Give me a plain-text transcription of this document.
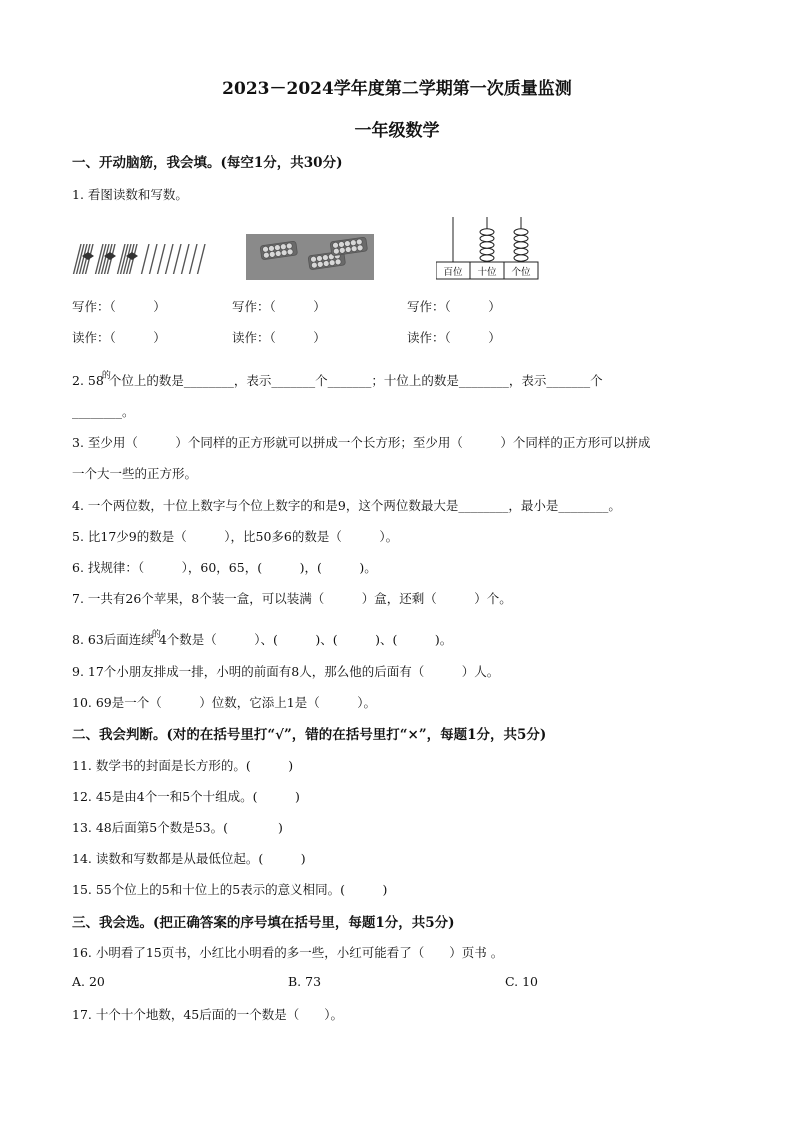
2023－2024学年度第二学期第一次质量监测
一年级数学
一、开动脑筋，我会填。(每空1分，共30分)
1. 看图读数和写数。
百位 十位 个位
写作：（　　　）	写作：（　　　）	写作：（　　　）
读作：（　　　）	读作：（　　　）	读作：（　　　）
2. $58^的$个位上的数是________，表示_______个_______；十位上的数是________，表示_______个
________。
3. 至少用（　　　）个同样的正方形就可以拼成一个长方形；至少用（　　　）个同样的正方形可以拼成
一个大一些的正方形。
4. 一个两位数，十位上数字与个位上数字的和是9，这个两位数最大是________，最小是________。
5. 比17少9的数是（　　　），比50多6的数是（　　　）。
6. 找规律：（　　　），60，65，(　　　)，(　　　)。
7. 一共有26个苹果，8个装一盒，可以装满（　　　）盒，还剩（　　　）个。
8. 63后面连续$^的$4个数是（　　　）、(　　　)、(　　　)、(　　　)。
9. 17个小朋友排成一排，小明的前面有8人，那么他的后面有（　　　）人。
10. 69是一个（　　　）位数，它添上1是（　　　）。
二、我会判断。(对的在括号里打“√”，错的在括号里打“×”，每题1分，共5分)
11. 数学书的封面是长方形的。(　　　)
12. 45是由4个一和5个十组成。(　　　)
13. 48后面第5个数是53。(　　　　)
14. 读数和写数都是从最低位起。(　　　)
15. 55个位上的5和十位上的5表示的意义相同。(　　　)
三、我会选。(把正确答案的序号填在括号里，每题1分，共5分)
16. 小明看了15页书，小红比小明看的多一些，小红可能看了（　　）页书 。
A. 20	B. 73	C. 10
17. 十个十个地数，45后面的一个数是（　　）。
